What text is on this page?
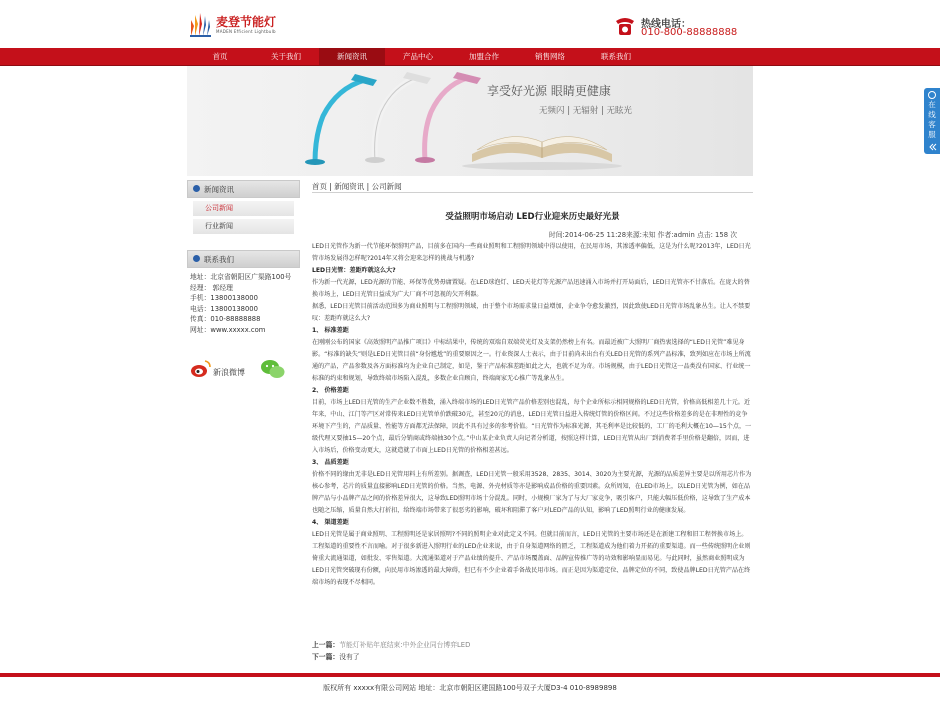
麦登节能灯
MADEN Efficient Lightbulb
热线电话：
010-800-88888888
首页	关于我们	新闻资讯	产品中心	加盟合作	销售网络	联系我们
享受好光源 眼睛更健康
无频闪 | 无辐射 | 无眩光
新闻资讯
公司新闻
行业新闻
联系我们
地址：北京省朝阳区广渠路100号
经理： 郭经理
手机：13800138000
电话：13800138000
传真：010-88888888
网址：www.xxxxx.com
新浪微博
首页 | 新闻资讯 | 公司新闻
受益照明市场启动 LED行业迎来历史最好光景
时间:2014-06-25 11:28来源:未知 作者:admin 点击: 158 次

LED日光管作为新一代节能环保照明产品，目前多在国内一些商业照明和工程照明领域中得以使用，在民用市场，其渗透率偏低，这是为什么呢?2013年，LED日光管市场发展得怎样呢?2014年又将会迎来怎样的挑战与机遇?

LED日光管：差距咋就这么大?

作为新一代光源，LED光源的节能、环保等优势毋庸置疑。在LED球泡灯、LED天花灯等光源产品迅速涌入市场并打开局面后，LED日光管亦不甘落后。在庞大的替换市场上，LED日光管日益成为广大厂商不可忽视的欠开利器。

据悉，LED日光管目前活动范围多为商业照明与工程照明领域，由于整个市场需求量日益增加，企业争夺愈发激烈，因此致使LED日光管市场乱象丛生。让人不禁要叹：差距咋就这么大?

1、 标准差距

在刚刚公布的国家《高效照明产品推广项目》中标结果中，传统的双端自双端荧光灯及支架仍然榜上有名。而最近被广大照明厂商热衷选择的“LED日光管”难见身影。“标准的缺失”则是LED日光管目前“身份尴尬”的重要原因之一。行业资深人士表示，由于目前尚未出台有关LED日光管的系列产品标准，致列如应在市场上所流通的产品，产品参数及各方面标准均为企业自己制定，如是，鉴于产品标准差距如此之大，也就不足为奇。市场规模，由于LED日光管这一品类没有国家、行业统一标准的约束和规划，导致终端市场陷入混乱，多数企业自顾自，终端商家无心推广等乱象丛生。

2、 价格差距

目前，市场上LED日光管的生产企业数不胜数，涌入终端市场的LED日光管产品价格差别也混乱，每个企业所标示相同规格的LED日光管，价格高低相差几十元。近年来，中山、江门等产区对常传来LED日光管单价跌破30元，甚至20元的消息，LED日光管日益进入传统灯管的价格区间。不过这些价格差多的是在非理性的竞争环境下产生的，产品质量、性能等方面都无法保障，因此不具有过多的参考价值。“日光管作为标准光源，其毛利率是比较低的，工厂的毛利大概在10—15个点，一级代理又要抽15—20个点，最后分销商或终端抽30个点。”中山某企业负责人向记者分析道，按照这样计算，LED日光管从出厂到消费者手里价格是翻倍，因而，进入市场后，价格变动更大，这就造就了市面上LED日光管的价格相差甚远。

3、 品质差距

价格不同的缘由无非是LED日光管用料上有所差别。据调查，LED日光管一般采用3528、2835、3014、3020为主要光源，光源的品质差异主要是以所用芯片作为核心参考，芯片的质量直接影响LED日光管的价格。当然，电源、外壳材质等亦是影响成品价格的重要因素。众所周知，在LED市场上，以LED日光管为例，如在品牌产品与小品牌产品之间的价格差异很大，这导致LED照明市场十分混乱。同时，小规模厂家为了与大厂家竞争，吸引客户，只能大幅压低价格，这导致了生产成本也随之压缩，质量自然大打折扣，给终端市场带来了很恶劣的影响，破坏和阻滞了客户对LED产品的认知，影响了LED照明行业的健康发展。

4、 渠道差距

LED日光管是属于商业照明、工程照明还是家居照明?不同的照明企业对此定义不同。但就目前而言，LED日光管的主要市场还是在新建工程和旧工程替换市场上。工程渠道的重要性不言而喻。对于很多新进入照明行业的LED企业来说，由于自身渠道网络的匮乏，工程渠道成为他们着力开拓的重要渠道。而一些传统照明企业则倚重大流通渠道，如批发、零售渠道。大流通渠道对于产品业绩的提升、产品市场覆盖面、品牌宣传推广等的功效和影响显而易见。与此同时，虽然商业照明成为LED日光管突破现有份额，向民用市场渗透的最大障碍，但已有不少企业着手备战民用市场。而正是因为渠道定位、品牌定位的不同，致使品牌LED日光管产品在终端市场的表现不尽相同。

上一篇：节能灯补贴年底结束:中外企业同台博弈LED
下一篇：没有了
版权所有 xxxxx有限公司网站 地址：北京市朝阳区建国路100号双子大厦D3-4 010-8989898
在
线
客
服
